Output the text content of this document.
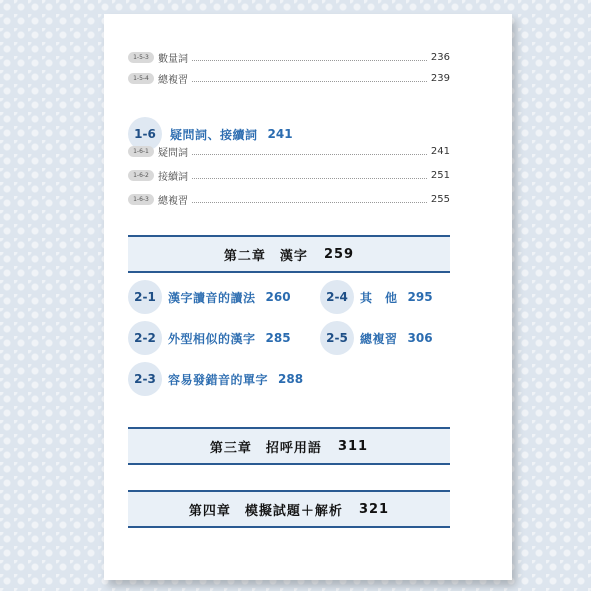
1-5-3 數量詞	236
1-5-4 總複習	239
1-6	疑問詞、接續詞 241
1-6-1 疑問詞	241
1-6-2 接續詞	251
1-6-3 總複習	255
第二章　漢字 259
2-1	漢字讀音的讀法 260
2-2	外型相似的漢字 285
2-3	容易發錯音的單字 288
2-4	其　他 295
2-5	總複習 306
第三章　招呼用語 311
第四章　模擬試題＋解析 321
